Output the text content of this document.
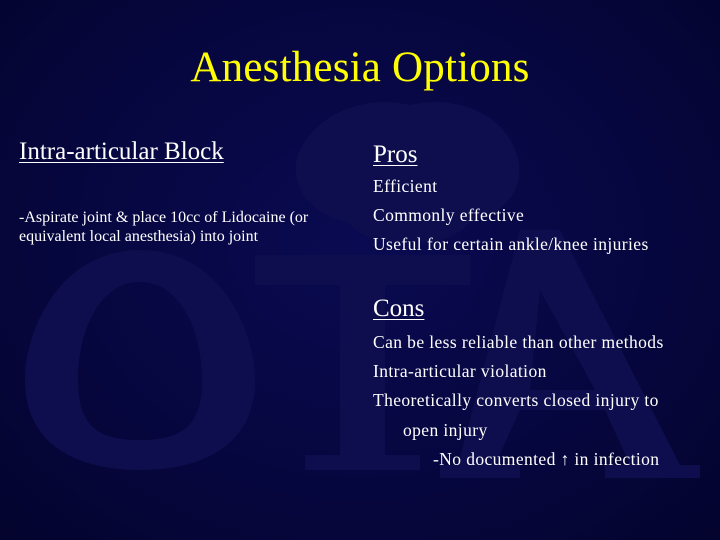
Anesthesia Options
Intra-articular Block
-Aspirate joint & place 10cc of Lidocaine (or equivalent local anesthesia) into joint
Pros
Efficient
Commonly effective
Useful for certain ankle/knee injuries
Cons
Can be less reliable than other methods
Intra-articular violation
Theoretically converts closed injury to
open injury
-No documented ↑ in infection
